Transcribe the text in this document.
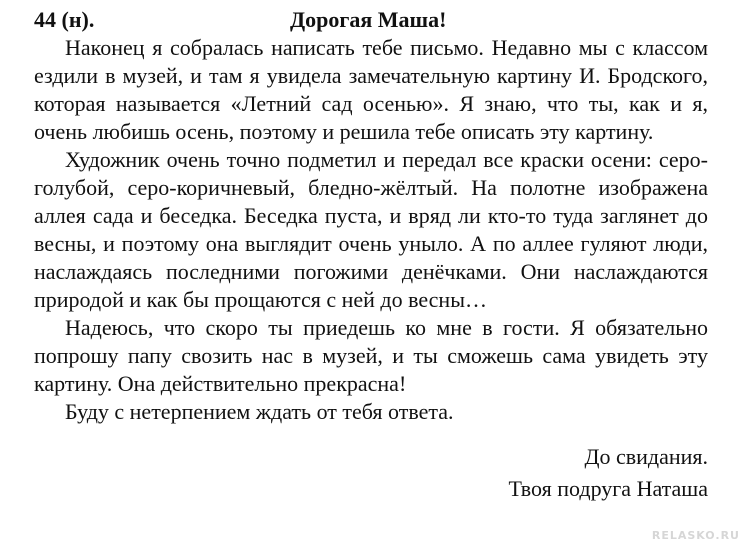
44 (н).	Дорогая Маша!

Наконец я собралась написать тебе письмо. Недавно мы с классом ездили в музей, и там я увидела замечательную картину И. Бродского, которая называется «Летний сад осенью». Я знаю, что ты, как и я, очень любишь осень, поэтому и решила тебе описать эту картину.

Художник очень точно подметил и передал все краски осени: серо-голубой, серо-коричневый, бледно-жёлтый. На полотне изображена аллея сада и беседка. Беседка пуста, и вряд ли кто-то туда заглянет до весны, и поэтому она выглядит очень уныло. А по аллее гуляют люди, наслаждаясь последними погожими денёчками. Они наслаждаются природой и как бы прощаются с ней до весны…

Надеюсь, что скоро ты приедешь ко мне в гости. Я обязательно попрошу папу свозить нас в музей, и ты сможешь сама увидеть эту картину. Она действительно прекрасна!

Буду с нетерпением ждать от тебя ответа.

До свидания.

Твоя подруга Наташа

RELASKO.RU
